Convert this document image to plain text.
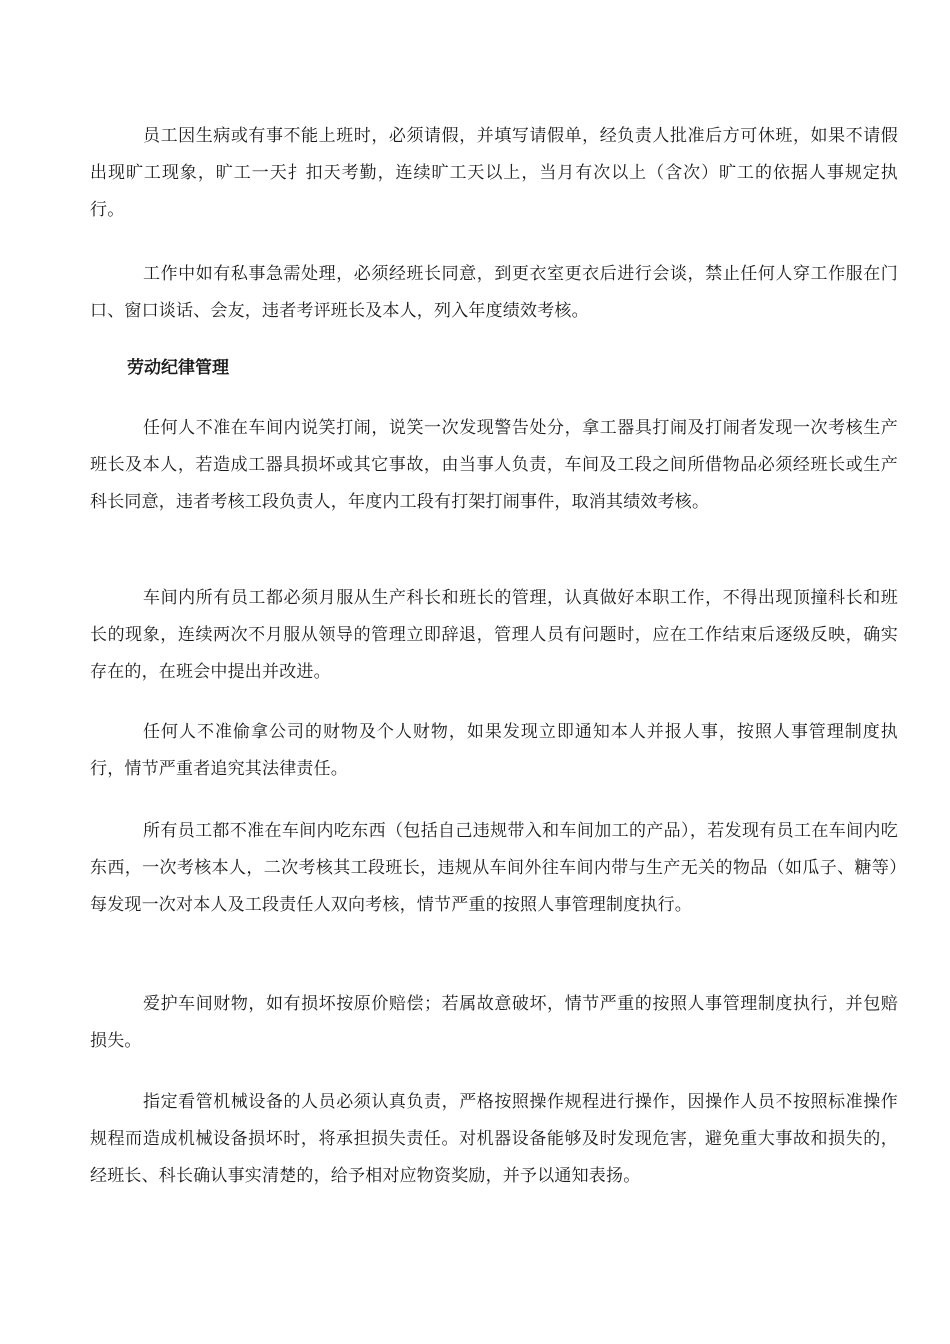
员工因生病或有事不能上班时，必须请假，并填写请假单，经负责人批准后方可休班，如果不请假出现旷工现象，旷工一天扌扣天考勤，连续旷工天以上，当月有次以上（含次）旷工的依据人事规定执行。

工作中如有私事急需处理，必须经班长同意，到更衣室更衣后进行会谈，禁止任何人穿工作服在门口、窗口谈话、会友，违者考评班长及本人，列入年度绩效考核。

劳动纪律管理

任何人不准在车间内说笑打闹，说笑一次发现警告处分，拿工器具打闹及打闹者发现一次考核生产班长及本人，若造成工器具损坏或其它事故，由当事人负责，车间及工段之间所借物品必须经班长或生产科长同意，违者考核工段负责人，年度内工段有打架打闹事件，取消其绩效考核。

车间内所有员工都必须月服从生产科长和班长的管理，认真做好本职工作，不得出现顶撞科长和班长的现象，连续两次不月服从领导的管理立即辞退，管理人员有问题时，应在工作结束后逐级反映，确实存在的，在班会中提出并改进。

任何人不准偷拿公司的财物及个人财物，如果发现立即通知本人并报人事，按照人事管理制度执行，情节严重者追究其法律责任。

所有员工都不准在车间内吃东西（包括自己违规带入和车间加工的产品），若发现有员工在车间内吃东西，一次考核本人，二次考核其工段班长，违规从车间外往车间内带与生产无关的物品（如瓜子、糖等）每发现一次对本人及工段责任人双向考核，情节严重的按照人事管理制度执行。

爱护车间财物，如有损坏按原价赔偿；若属故意破坏，情节严重的按照人事管理制度执行，并包赔损失。

指定看管机械设备的人员必须认真负责，严格按照操作规程进行操作，因操作人员不按照标准操作规程而造成机械设备损坏时，将承担损失责任。对机器设备能够及时发现危害，避免重大事故和损失的，经班长、科长确认事实清楚的，给予相对应物资奖励，并予以通知表扬。
